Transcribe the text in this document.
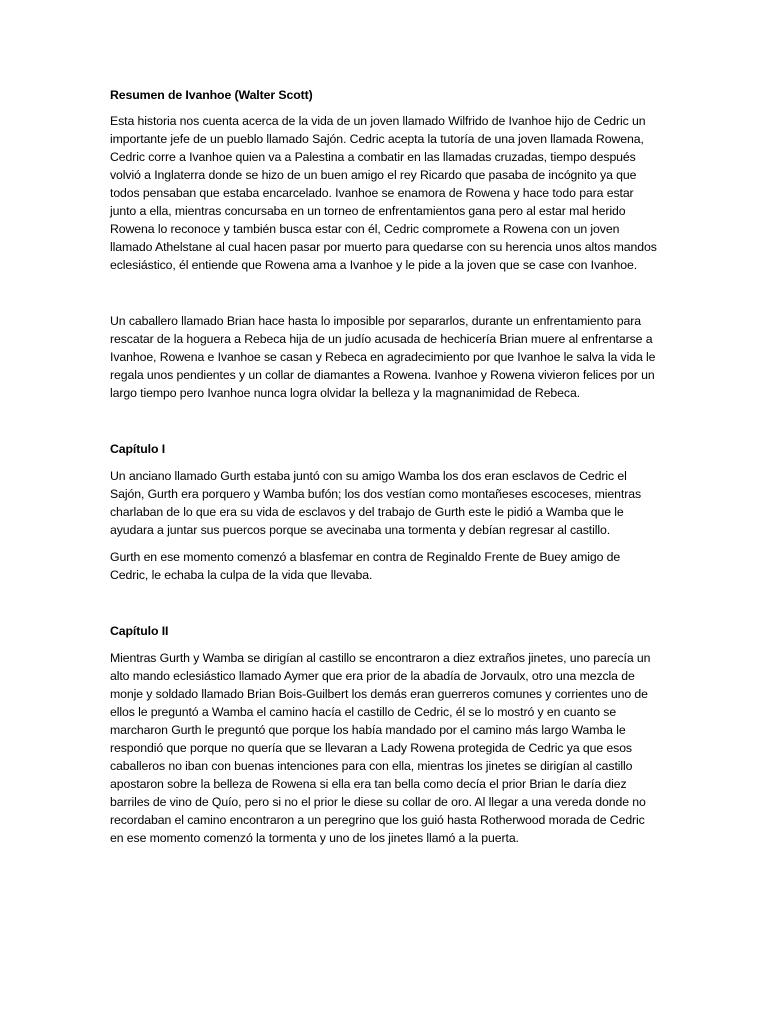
Resumen de Ivanhoe (Walter Scott)

Esta historia nos cuenta acerca de la vida de un joven llamado Wilfrido de Ivanhoe hijo de Cedric un importante jefe de un pueblo llamado Sajón. Cedric acepta la tutoría de una joven llamada Rowena, Cedric corre a Ivanhoe quien va a Palestina a combatir en las llamadas cruzadas, tiempo después volvió a Inglaterra donde se hizo de un buen amigo el rey Ricardo que pasaba de incógnito ya que todos pensaban que estaba encarcelado. Ivanhoe se enamora de Rowena y hace todo para estar junto a ella, mientras concursaba en un torneo de enfrentamientos gana pero al estar mal herido Rowena lo reconoce y también busca estar con él, Cedric compromete a Rowena con un joven llamado Athelstane al cual hacen pasar por muerto para quedarse con su herencia unos altos mandos eclesiástico, él entiende que Rowena ama a Ivanhoe y le pide a la joven que se case con Ivanhoe.

Un caballero llamado Brian hace hasta lo imposible por separarlos, durante un enfrentamiento para rescatar de la hoguera a Rebeca hija de un judío acusada de hechicería Brian muere al enfrentarse a Ivanhoe, Rowena e Ivanhoe se casan y Rebeca en agradecimiento por que Ivanhoe le salva la vida le regala unos pendientes y un collar de diamantes a Rowena. Ivanhoe y Rowena vivieron felices por un largo tiempo pero Ivanhoe nunca logra olvidar la belleza y la magnanimidad de Rebeca.

Capítulo I

Un anciano llamado Gurth estaba juntó con su amigo Wamba los dos eran esclavos de Cedric el Sajón, Gurth era porquero y Wamba bufón; los dos vestían como montañeses escoceses, mientras charlaban de lo que era su vida de esclavos y del trabajo de Gurth este le pidió a Wamba que le ayudara a juntar sus puercos porque se avecinaba una tormenta y debían regresar al castillo.

Gurth en ese momento comenzó a blasfemar en contra de Reginaldo Frente de Buey amigo de Cedric, le echaba la culpa de la vida que llevaba.

Capítulo II

Mientras Gurth y Wamba se dirigían al castillo se encontraron a diez extraños jinetes, uno parecía un alto mando eclesiástico llamado Aymer que era prior de la abadía de Jorvaulx, otro una mezcla de monje y soldado llamado Brian Bois-Guilbert los demás eran guerreros comunes y corrientes uno de ellos le preguntó a Wamba el camino hacía el castillo de Cedric, él se lo mostró y en cuanto se marcharon Gurth le preguntó que porque los había mandado por el camino más largo Wamba le respondió que porque no quería que se llevaran a Lady Rowena protegida de Cedric ya que esos caballeros no iban con buenas intenciones para con ella, mientras los jinetes se dirigían al castillo apostaron sobre la belleza de Rowena si ella era tan bella como decía el prior Brian le daría diez barriles de vino de Quío, pero si no el prior le diese su collar de oro. Al llegar a una vereda donde no recordaban el camino encontraron a un peregrino que los guió hasta Rotherwood morada de Cedric en ese momento comenzó la tormenta y uno de los jinetes llamó a la puerta.
